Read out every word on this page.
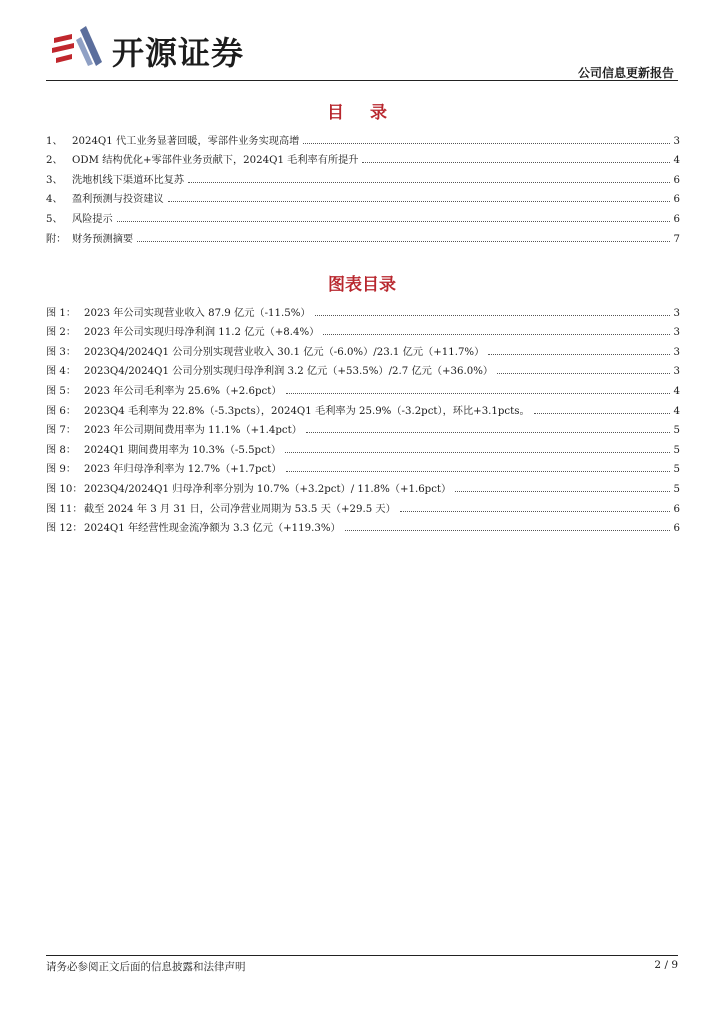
开源证券
公司信息更新报告
目 录
1、 2024Q1 代工业务显著回暖，零部件业务实现高增	3
2、 ODM 结构优化+零部件业务贡献下，2024Q1 毛利率有所提升	4
3、 洗地机线下渠道环比复苏	6
4、 盈利预测与投资建议	6
5、 风险提示	6
附： 财务预测摘要	7
图表目录
图 1： 2023 年公司实现营业收入 87.9 亿元（-11.5%）	3
图 2： 2023 年公司实现归母净利润 11.2 亿元（+8.4%）	3
图 3： 2023Q4/2024Q1 公司分别实现营业收入 30.1 亿元（-6.0%）/23.1 亿元（+11.7%）	3
图 4： 2023Q4/2024Q1 公司分别实现归母净利润 3.2 亿元（+53.5%）/2.7 亿元（+36.0%）	3
图 5： 2023 年公司毛利率为 25.6%（+2.6pct）	4
图 6： 2023Q4 毛利率为 22.8%（-5.3pcts），2024Q1 毛利率为 25.9%（-3.2pct），环比+3.1pcts。	4
图 7： 2023 年公司期间费用率为 11.1%（+1.4pct）	5
图 8： 2024Q1 期间费用率为 10.3%（-5.5pct）	5
图 9： 2023 年归母净利率为 12.7%（+1.7pct）	5
图 10： 2023Q4/2024Q1 归母净利率分别为 10.7%（+3.2pct）/ 11.8%（+1.6pct）	5
图 11： 截至 2024 年 3 月 31 日，公司净营业周期为 53.5 天（+29.5 天）	6
图 12： 2024Q1 年经营性现金流净额为 3.3 亿元（+119.3%）	6
请务必参阅正文后面的信息披露和法律声明	2 / 9
